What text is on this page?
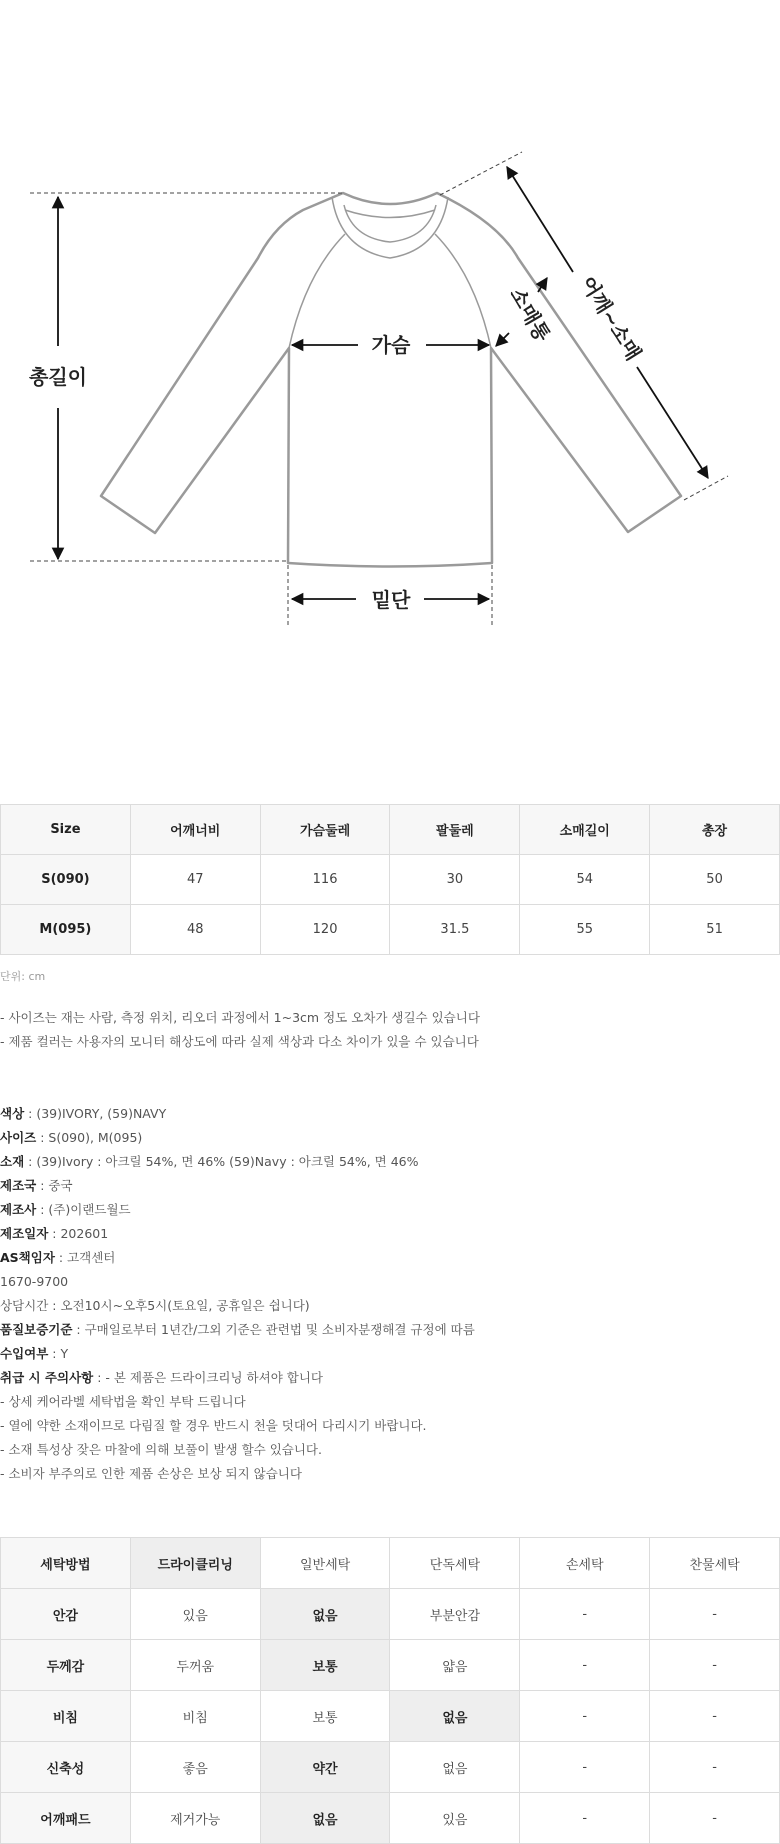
총길이
가슴
밑단
소매통 어깨~소매
Size	어깨너비	가슴둘레	팔둘레	소매길이	총장
S(090)	47	116	30	54	50
M(095)	48	120	31.5	55	51
단위: cm
- 사이즈는 재는 사람, 측정 위치, 리오더 과정에서 1~3cm 정도 오차가 생길수 있습니다
- 제품 컬러는 사용자의 모니터 해상도에 따라 실제 색상과 다소 차이가 있을 수 있습니다
색상 : (39)IVORY, (59)NAVY
사이즈 : S(090), M(095)
소재 : (39)Ivory : 아크릴 54%, 면 46% (59)Navy : 아크릴 54%, 면 46%
제조국 : 중국
제조사 : (주)이랜드월드
제조일자 : 202601
AS책임자 : 고객센터
1670-9700
상담시간 : 오전10시~오후5시(토요일, 공휴일은 쉽니다)
품질보증기준 : 구매일로부터 1년간/그외 기준은 관련법 및 소비자분쟁해결 규정에 따름
수입여부 : Y
취급 시 주의사항 : - 본 제품은 드라이크리닝 하셔야 합니다
- 상세 케어라벨 세탁법을 확인 부탁 드립니다
- 열에 약한 소재이므로 다림질 할 경우 반드시 천을 덧대어 다리시기 바랍니다.
- 소재 특성상 잦은 마찰에 의해 보풀이 발생 할수 있습니다.
- 소비자 부주의로 인한 제품 손상은 보상 되지 않습니다
세탁방법	드라이클리닝	일반세탁	단독세탁	손세탁	찬물세탁
안감	있음	없음	부분안감	-	-
두께감	두꺼움	보통	얇음	-	-
비침	비침	보통	없음	-	-
신축성	좋음	약간	없음	-	-
어깨패드	제거가능	없음	있음	-	-
